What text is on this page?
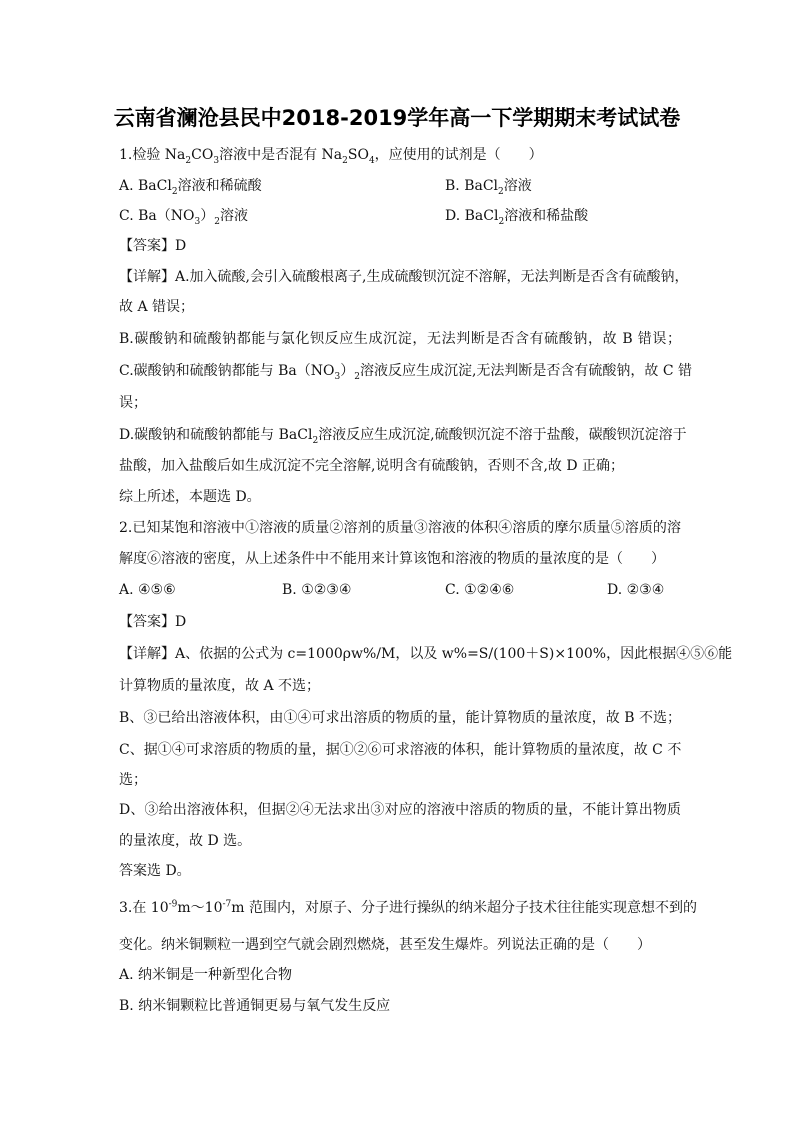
云南省澜沧县民中2018-2019学年高一下学期期末考试试卷
1.检验 $Na_2CO_3$溶液中是否混有 $Na_2SO_4$，应使用的试剂是（　　）
A. BaCl$_2$溶液和稀硫酸	B. BaCl$_2$溶液
C. $Ba(NO_3)_2$溶液	D. BaCl$_2$溶液和稀盐酸
【答案】D
【详解】A.加入硫酸,会引入硫酸根离子,生成硫酸钡沉淀不溶解，无法判断是否含有硫酸钠，
故 A 错误；
B.碳酸钠和硫酸钠都能与氯化钡反应生成沉淀，无法判断是否含有硫酸钠，故 B 错误；
C.碳酸钠和硫酸钠都能与 $Ba(NO_3)_2$溶液反应生成沉淀,无法判断是否含有硫酸钠，故 C 错
误；
D.碳酸钠和硫酸钠都能与 BaCl$_2$溶液反应生成沉淀,硫酸钡沉淀不溶于盐酸，碳酸钡沉淀溶于
盐酸，加入盐酸后如生成沉淀不完全溶解,说明含有硫酸钠，否则不含,故 D 正确；
综上所述，本题选 D。
2.已知某饱和溶液中①溶液的质量②溶剂的质量③溶液的体积④溶质的摩尔质量⑤溶质的溶
解度⑥溶液的密度，从上述条件中不能用来计算该饱和溶液的物质的量浓度的是（　　）
A. ④⑤⑥	B. ①②③④	C. ①②④⑥	D. ②③④
【答案】D
【详解】A、依据的公式为 c=1000ρw%/M，以及 w%=S/(100＋S)×100%，因此根据④⑤⑥能
计算物质的量浓度，故 A 不选；
B、③已给出溶液体积，由①④可求出溶质的物质的量，能计算物质的量浓度，故 B 不选；
C、据①④可求溶质的物质的量，据①②⑥可求溶液的体积，能计算物质的量浓度，故 C 不
选；
D、③给出溶液体积，但据②④无法求出③对应的溶液中溶质的物质的量，不能计算出物质
的量浓度，故 D 选。
答案选 D。
3.在 $10^{-9}m\sim 10^{-7}m$ 范围内，对原子、分子进行操纵的纳米超分子技术往往能实现意想不到的
变化。纳米铜颗粒一遇到空气就会剧烈燃烧，甚至发生爆炸。列说法正确的是（　　）
A. 纳米铜是一种新型化合物
B. 纳米铜颗粒比普通铜更易与氧气发生反应
